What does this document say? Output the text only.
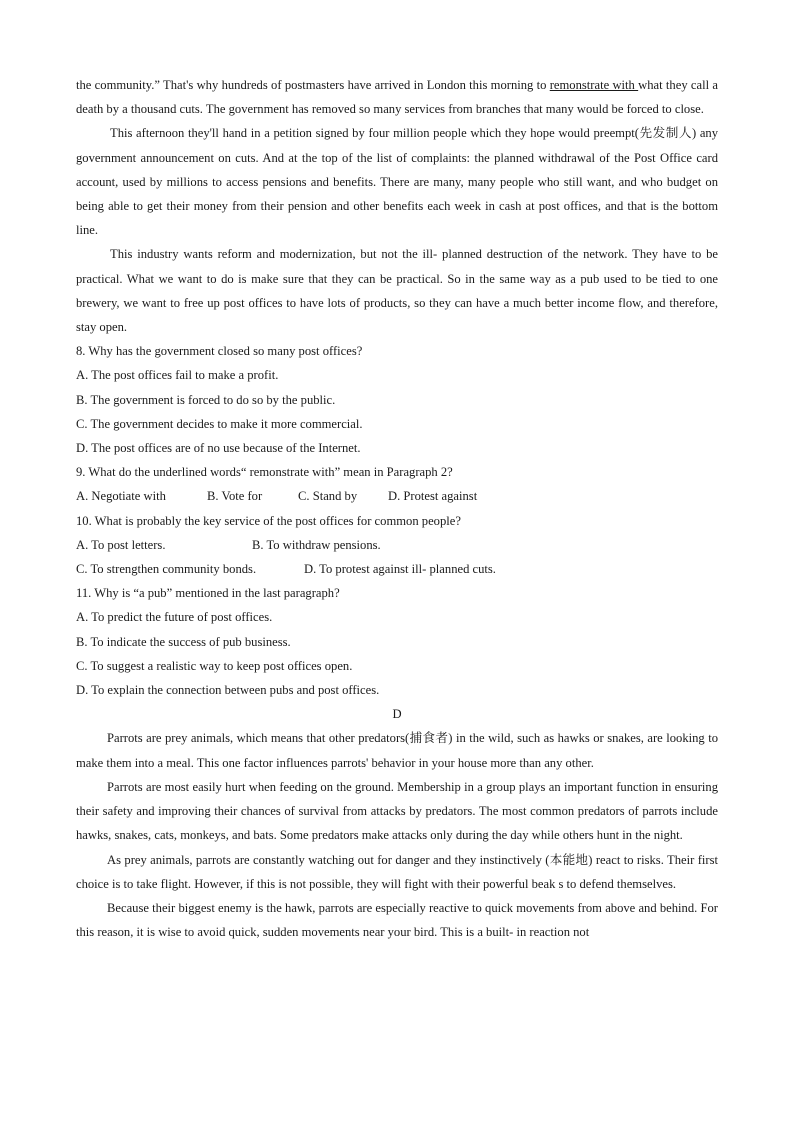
the community.” That's why hundreds of postmasters have arrived in London this morning to remonstrate with what they call a death by a thousand cuts. The government has removed so many services from branches that many would be forced to close.

This afternoon they'll hand in a petition signed by four million people which they hope would preempt(先发制人) any government announcement on cuts. And at the top of the list of complaints: the planned withdrawal of the Post Office card account, used by millions to access pensions and benefits. There are many, many people who still want, and who budget on being able to get their money from their pension and other benefits each week in cash at post offices, and that is the bottom line.

This industry wants reform and modernization, but not the ill- planned destruction of the network. They have to be practical. What we want to do is make sure that they can be practical. So in the same way as a pub used to be tied to one brewery, we want to free up post offices to have lots of products, so they can have a much better income flow, and therefore, stay open.

8. Why has the government closed so many post offices?

A. The post offices fail to make a profit.

B. The government is forced to do so by the public.

C. The government decides to make it more commercial.

D. The post offices are of no use because of the Internet.

9. What do the underlined words“ remonstrate with” mean in Paragraph 2?

A. Negotiate with	B. Vote for	C. Stand by	D. Protest against

10. What is probably the key service of the post offices for common people?

A. To post letters.	B. To withdraw pensions.
C. To strengthen community bonds.	D. To protest against ill- planned cuts.

11. Why is “a pub” mentioned in the last paragraph?

A. To predict the future of post offices.

B. To indicate the success of pub business.

C. To suggest a realistic way to keep post offices open.

D. To explain the connection between pubs and post offices.

D

Parrots are prey animals, which means that other predators(捕食者) in the wild, such as hawks or snakes, are looking to make them into a meal. This one factor influences parrots' behavior in your house more than any other.

Parrots are most easily hurt when feeding on the ground. Membership in a group plays an important function in ensuring their safety and improving their chances of survival from attacks by predators. The most common predators of parrots include hawks, snakes, cats, monkeys, and bats. Some predators make attacks only during the day while others hunt in the night.

As prey animals, parrots are constantly watching out for danger and they instinctively (本能地) react to risks. Their first choice is to take flight. However, if this is not possible, they will fight with their powerful beak s to defend themselves.

Because their biggest enemy is the hawk, parrots are especially reactive to quick movements from above and behind. For this reason, it is wise to avoid quick, sudden movements near your bird. This is a built- in reaction not
